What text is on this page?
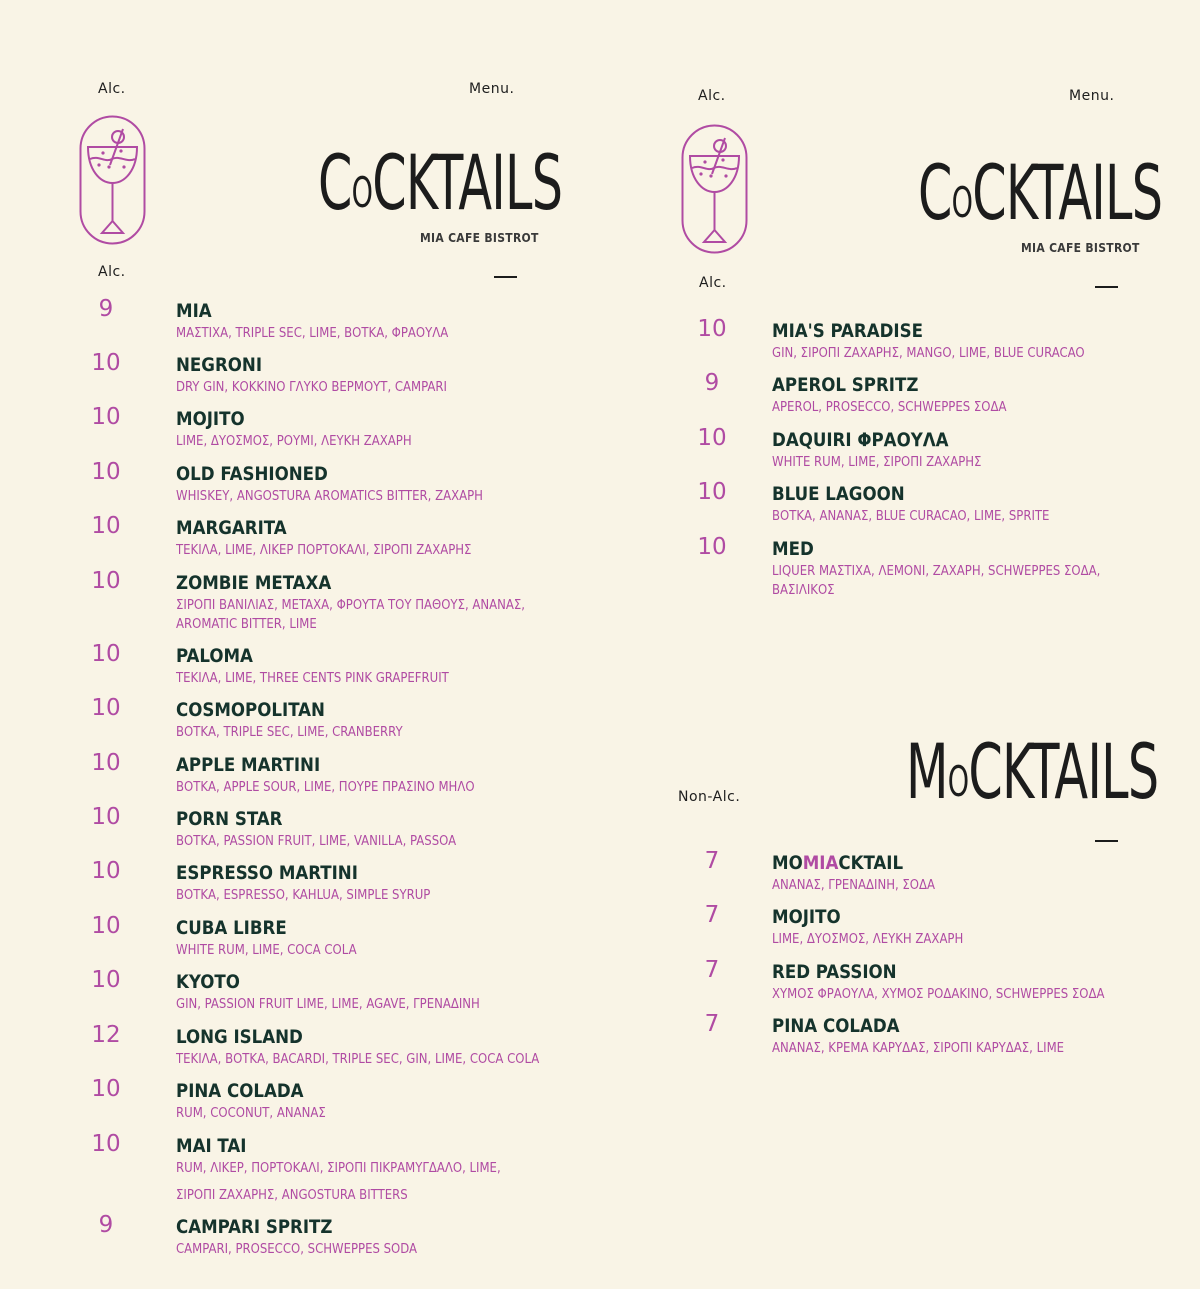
Alc.	Menu.
COCKTAILS
MIA CAFE BISTROT
Alc.
9	MIA
ΜΑΣΤΙΧΑ, TRIPLE SEC, LIME, ΒΟΤΚΑ, ΦΡΑΟΥΛΑ
10	NEGRONI
DRY GIN, ΚΟΚΚΙΝΟ ΓΛΥΚΟ ΒΕΡΜΟΥΤ, CAMPARI
10	MOJITO
LIME, ΔΥΟΣΜΟΣ, ΡΟΥΜΙ, ΛΕΥΚΗ ΖΑΧΑΡΗ
10	OLD FASHIONED
WHISKEY, ANGOSTURA AROMATICS BITTER, ΖΑΧΑΡΗ
10	MARGARITA
ΤΕΚΙΛΑ, LIME, ΛΙΚΕΡ ΠΟΡΤΟΚΑΛΙ, ΣΙΡΟΠΙ ΖΑΧΑΡΗΣ
10	ZOMBIE METAXA
ΣΙΡΟΠΙ ΒΑΝΙΛΙΑΣ, METAXA, ΦΡΟΥΤΑ ΤΟΥ ΠΑΘΟΥΣ, ΑΝΑΝΑΣ, AROMATIC BITTER, LIME
10	PALOMA
ΤΕΚΙΛΑ, LIME, THREE CENTS PINK GRAPEFRUIT
10	COSMOPOLITAN
ΒΟΤΚΑ, TRIPLE SEC, LIME, CRANBERRY
10	APPLE MARTINI
ΒΟΤΚΑ, APPLE SOUR, LIME, ΠΟΥΡΕ ΠΡΑΣΙΝΟ ΜΗΛΟ
10	PORN STAR
ΒΟΤΚΑ, PASSION FRUIT, LIME, VANILLA, PASSOA
10	ESPRESSO MARTINI
ΒΟΤΚΑ, ESPRESSO, KAHLUA, SIMPLE SYRUP
10	CUBA LIBRE
WHITE RUM, LIME, COCA COLA
10	KYOTO
GIN, PASSION FRUIT LIME, LIME, AGAVE, ΓΡΕΝΑΔΙΝΗ
12	LONG ISLAND
ΤΕΚΙΛΑ, ΒΟΤΚΑ, BACARDI, TRIPLE SEC, GIN, LIME, COCA COLA
10	PINA COLADA
RUM, COCONUT, ΑΝΑΝΑΣ
10	MAI TAI
RUM, ΛΙΚΕΡ, ΠΟΡΤΟΚΑΛΙ, ΣΙΡΟΠΙ ΠΙΚΡΑΜΥΓΔΑΛΟ, LIME, ΣΙΡΟΠΙ ΖΑΧΑΡΗΣ, ANGOSTURA BITTERS
9	CAMPARI SPRITZ
CAMPARI, PROSECCO, SCHWEPPES SODA
Alc.	Menu.
COCKTAILS
MIA CAFE BISTROT
Alc.
10	MIA'S PARADISE
GIN, ΣΙΡΟΠΙ ΖΑΧΑΡΗΣ, MANGO, LIME, BLUE CURACAO
9	APEROL SPRITZ
APEROL, PROSECCO, SCHWEPPES ΣΟΔΑ
10	DAQUIRI ΦΡΑΟΥΛΑ
WHITE RUM, LIME, ΣΙΡΟΠΙ ΖΑΧΑΡΗΣ
10	BLUE LAGOON
ΒΟΤΚΑ, ΑΝΑΝΑΣ, BLUE CURACAO, LIME, SPRITE
10	MED
LIQUER ΜΑΣΤΙΧΑ, ΛΕΜΟΝΙ, ΖΑΧΑΡΗ, SCHWEPPES ΣΟΔΑ, ΒΑΣΙΛΙΚΟΣ
MOCKTAILS
Non-Alc.
7	MOMIACKTAIL
ΑΝΑΝΑΣ, ΓΡΕΝΑΔΙΝΗ, ΣΟΔΑ
7	MOJITO
LIME, ΔΥΟΣΜΟΣ, ΛΕΥΚΗ ΖΑΧΑΡΗ
7	RED PASSION
ΧΥΜΟΣ ΦΡΑΟΥΛΑ, ΧΥΜΟΣ ΡΟΔΑΚΙΝΟ, SCHWEPPES ΣΟΔΑ
7	PINA COLADA
ΑΝΑΝΑΣ, ΚΡΕΜΑ ΚΑΡΥΔΑΣ, ΣΙΡΟΠΙ ΚΑΡΥΔΑΣ, LIME
